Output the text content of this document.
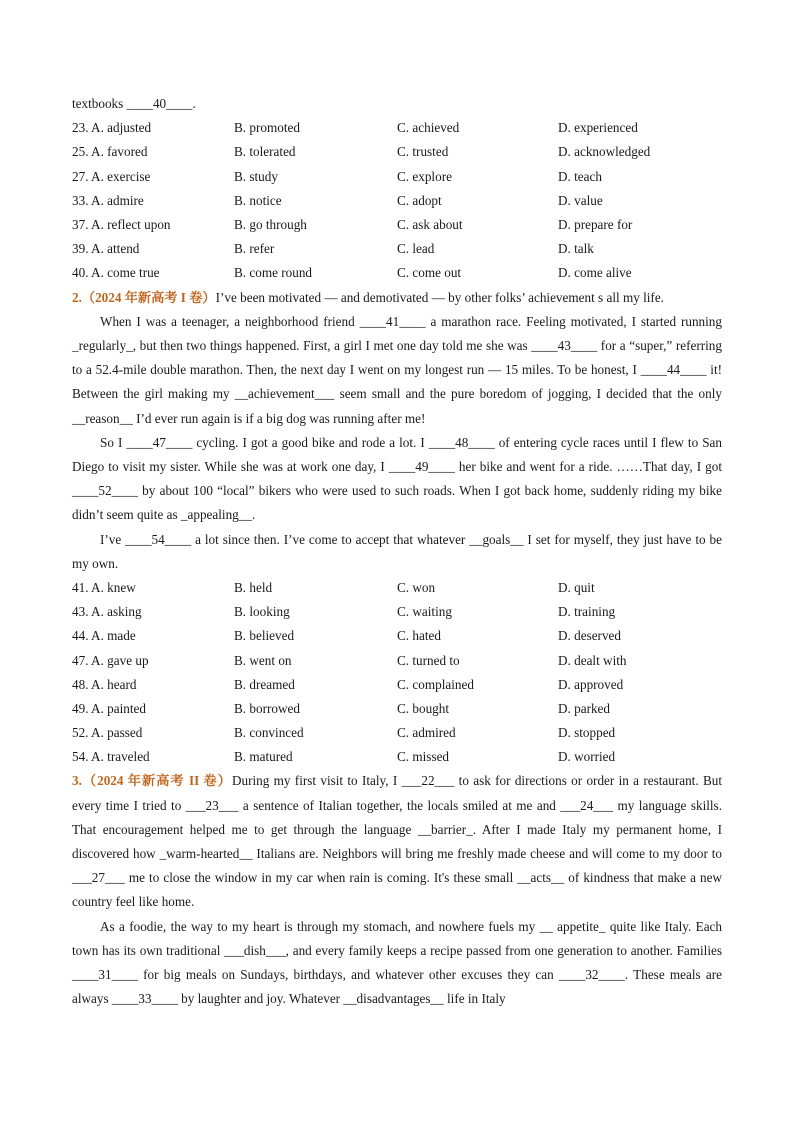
textbooks ____40____.
23. A. adjusted	B. promoted	C. achieved	D. experienced
25. A. favored	B. tolerated	C. trusted	D. acknowledged
27. A. exercise	B. study	C. explore	D. teach
33. A. admire	B. notice	C. adopt	D. value
37. A. reflect upon	B. go through	C. ask about	D. prepare for
39. A. attend	B. refer	C. lead	D. talk
40. A. come true	B. come round	C. come out	D. come alive

2.（2024 年新高考 I 卷）I’ve been motivated — and demotivated — by other folks’ achievement s all my life.

When I was a teenager, a neighborhood friend ____41____ a marathon race. Feeling motivated, I started running _regularly_, but then two things happened. First, a girl I met one day told me she was ____43____ for a “super,” referring to a 52.4-mile double marathon. Then, the next day I went on my longest run — 15 miles. To be honest, I ____44____ it! Between the girl making my __achievement___ seem small and the pure boredom of jogging, I decided that the only __reason__ I’d ever run again is if a big dog was running after me!

So I ____47____ cycling. I got a good bike and rode a lot. I ____48____ of entering cycle races until I flew to San Diego to visit my sister. While she was at work one day, I ____49____ her bike and went for a ride. ……That day, I got ____52____ by about 100 “local” bikers who were used to such roads. When I got back home, suddenly riding my bike didn’t seem quite as _appealing__.

I’ve ____54____ a lot since then. I’ve come to accept that whatever __goals__ I set for myself, they just have to be my own.

41. A. knew	B. held	C. won	D. quit
43. A. asking	B. looking	C. waiting	D. training
44. A. made	B. believed	C. hated	D. deserved
47. A. gave up	B. went on	C. turned to	D. dealt with
48. A. heard	B. dreamed	C. complained	D. approved
49. A. painted	B. borrowed	C. bought	D. parked
52. A. passed	B. convinced	C. admired	D. stopped
54. A. traveled	B. matured	C. missed	D. worried

3.（2024 年新高考 II 卷）During my first visit to Italy, I ___22___ to ask for directions or order in a restaurant. But every time I tried to ___23___ a sentence of Italian together, the locals smiled at me and ___24___ my language skills. That encouragement helped me to get through the language __barrier_. After I made Italy my permanent home, I discovered how _warm-hearted__ Italians are. Neighbors will bring me freshly made cheese and will come to my door to ___27___ me to close the window in my car when rain is coming. It's these small __acts__ of kindness that make a new country feel like home.

As a foodie, the way to my heart is through my stomach, and nowhere fuels my __ appetite_ quite like Italy. Each town has its own traditional ___dish___, and every family keeps a recipe passed from one generation to another. Families ____31____ for big meals on Sundays, birthdays, and whatever other excuses they can ____32____. These meals are always ____33____ by laughter and joy. Whatever __disadvantages__ life in Italy
